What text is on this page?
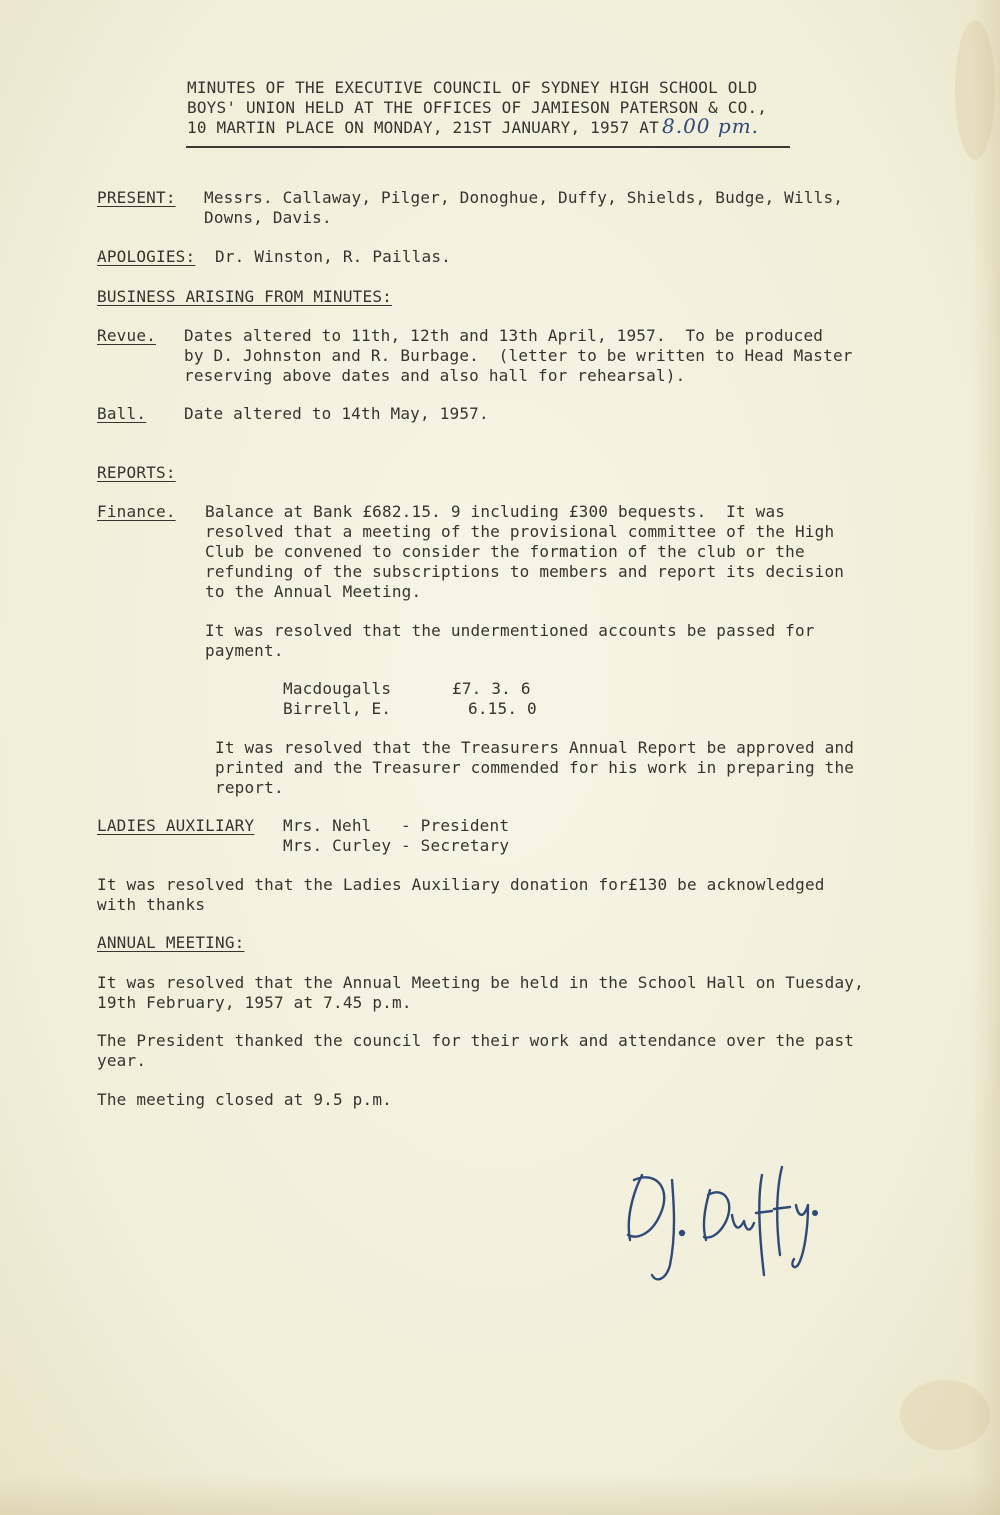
MINUTES OF THE EXECUTIVE COUNCIL OF SYDNEY HIGH SCHOOL OLD
BOYS' UNION HELD AT THE OFFICES OF JAMIESON PATERSON & CO.,
10 MARTIN PLACE ON MONDAY, 21ST JANUARY, 1957 AT 8.00 pm.
PRESENT: Messrs. Callaway, Pilger, Donoghue, Duffy, Shields, Budge, Wills,
Downs, Davis.
APOLOGIES: Dr. Winston, R. Paillas.
BUSINESS ARISING FROM MINUTES:
Revue. Dates altered to 11th, 12th and 13th April, 1957.  To be produced
by D. Johnston and R. Burbage.  (letter to be written to Head Master
reserving above dates and also hall for rehearsal).
Ball. Date altered to 14th May, 1957.
REPORTS:
Finance. Balance at Bank £682.15. 9 including £300 bequests.  It was
resolved that a meeting of the provisional committee of the High
Club be convened to consider the formation of the club or the
refunding of the subscriptions to members and report its decision
to the Annual Meeting.
It was resolved that the undermentioned accounts be passed for
payment.
Macdougalls	£7. 3. 6
Birrell, E.	6.15. 0
It was resolved that the Treasurers Annual Report be approved and
printed and the Treasurer commended for his work in preparing the
report.
LADIES AUXILIARY Mrs. Nehl   - President
Mrs. Curley - Secretary
It was resolved that the Ladies Auxiliary donation for£130 be acknowledged
with thanks
ANNUAL MEETING:
It was resolved that the Annual Meeting be held in the School Hall on Tuesday,
19th February, 1957 at 7.45 p.m.
The President thanked the council for their work and attendance over the past
year.
The meeting closed at 9.5 p.m.
